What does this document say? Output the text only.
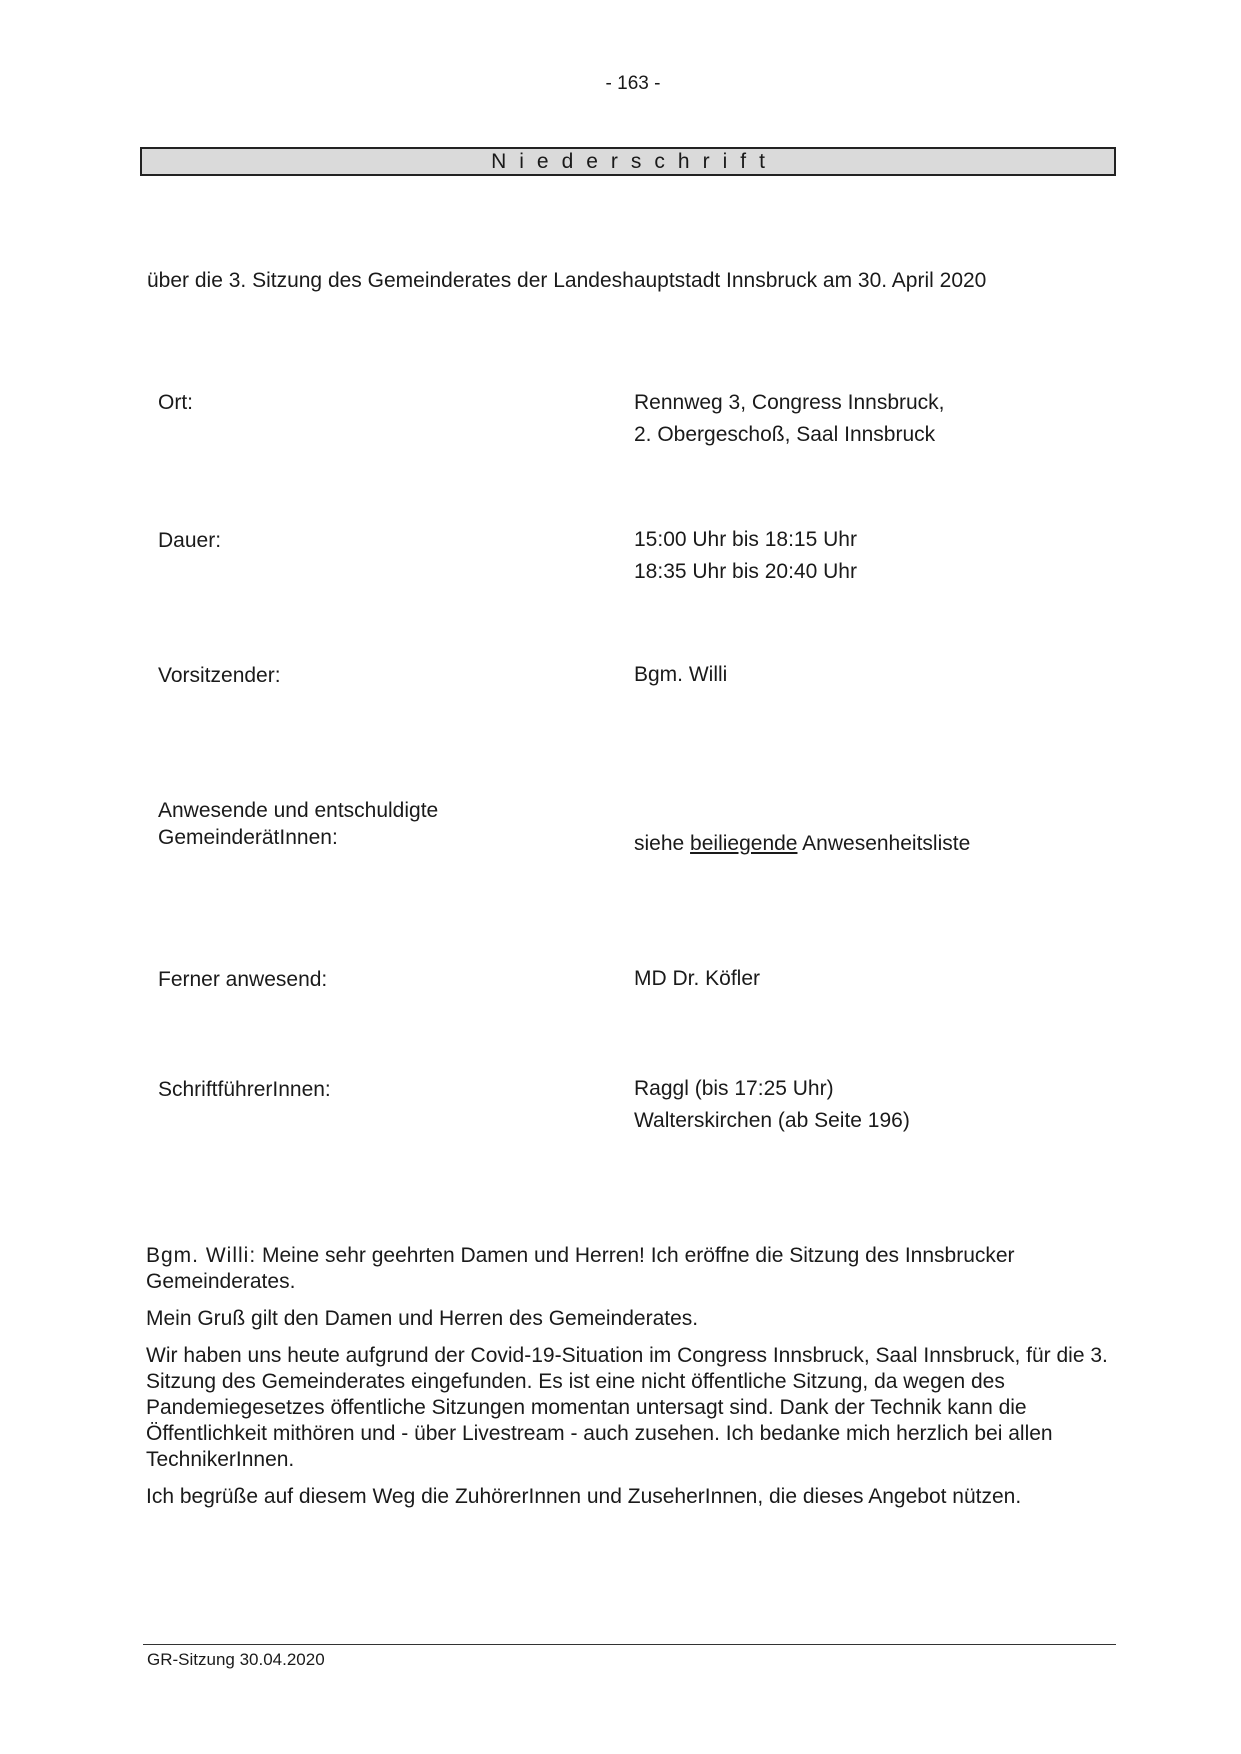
- 163 -
Niederschrift
über die 3. Sitzung des Gemeinderates der Landeshauptstadt Innsbruck am 30. April 2020
Ort:	Rennweg 3, Congress Innsbruck,
2. Obergeschoß, Saal Innsbruck
Dauer:	15:00 Uhr bis 18:15 Uhr
18:35 Uhr bis 20:40 Uhr
Vorsitzender:	Bgm. Willi
Anwesende und entschuldigte
GemeinderätInnen:	siehe beiliegende Anwesenheitsliste
Ferner anwesend:	MD Dr. Köfler
SchriftführerInnen:	Raggl (bis 17:25 Uhr)
Walterskirchen (ab Seite 196)

Bgm. Willi: Meine sehr geehrten Damen und Herren! Ich eröffne die Sitzung des Innsbrucker Gemeinderates.

Mein Gruß gilt den Damen und Herren des Gemeinderates.

Wir haben uns heute aufgrund der Covid-19-Situation im Congress Innsbruck, Saal Innsbruck, für die 3. Sitzung des Gemeinderates eingefunden. Es ist eine nicht öffentliche Sitzung, da wegen des Pandemiegesetzes öffentliche Sitzungen momentan untersagt sind. Dank der Technik kann die Öffentlichkeit mithören und - über Livestream - auch zusehen. Ich bedanke mich herzlich bei allen TechnikerInnen.

Ich begrüße auf diesem Weg die ZuhörerInnen und ZuseherInnen, die dieses Angebot nützen.

GR-Sitzung 30.04.2020
